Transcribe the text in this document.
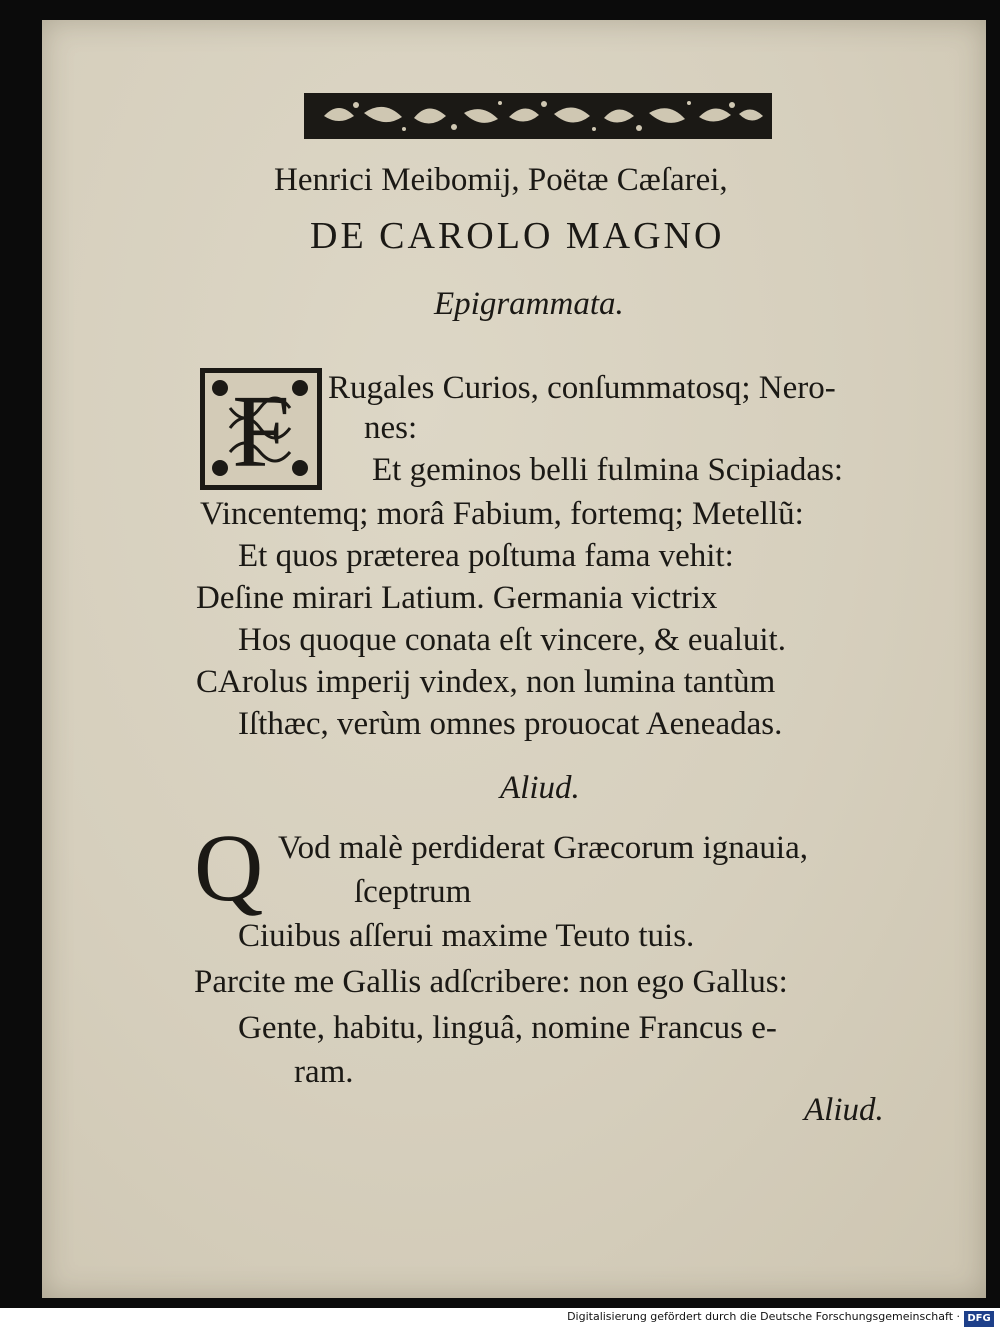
Henrici Meibomij, Poëtæ Cæſarei,
DE CAROLO MAGNO
Epigrammata.
F Rugales Curios, conſummatosq; Nero-
nes:
Et geminos belli fulmina Scipiadas:
Vincentemq; morâ Fabium, fortemq; Metellũ:
Et quos præterea poſtuma fama vehit:
Deſine mirari Latium. Germania victrix
Hos quoque conata eſt vincere, & eualuit.
CArolus imperij vindex, non lumina tantùm
Iſthæc, verùm omnes prouocat Aeneadas.
Aliud.
Q Vod malè perdiderat Græcorum ignauia,
ſceptrum
Ciuibus aſſerui maxime Teuto tuis.
Parcite me Gallis adſcribere: non ego Gallus:
Gente, habitu, linguâ, nomine Francus e-
ram.
Aliud.
Digitalisierung gefördert durch die Deutsche Forschungsgemeinschaft · DFG
